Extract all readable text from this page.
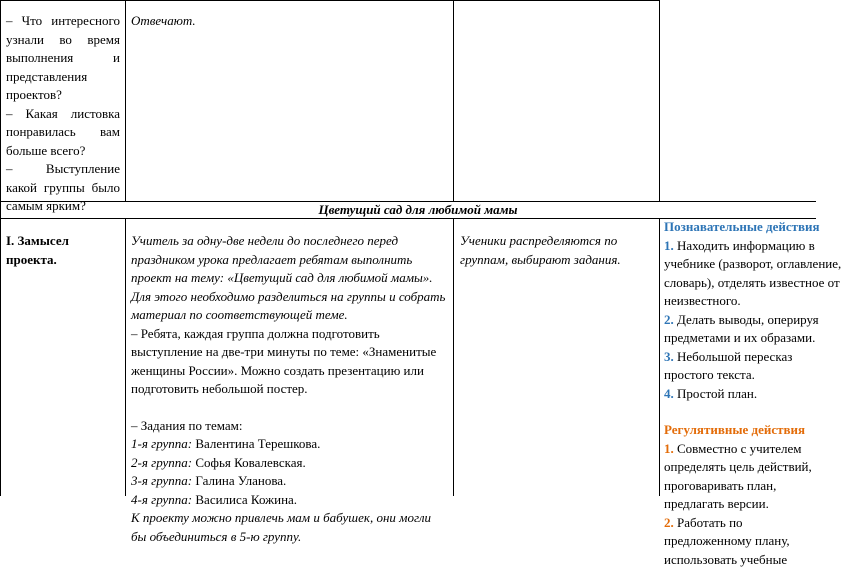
– Что интересного узнали во время выполнения и представления проектов?
– Какая листовка понравилась вам больше всего?
– Выступление какой группы было самым ярким?
Отвечают.
Цветущий сад для любимой мамы
I. Замысел проекта.
Учитель за одну-две недели до последнего перед праздником урока предлагает ребятам выполнить проект на тему: «Цветущий сад для любимой мамы». Для этого необходимо разделиться на группы и собрать материал по соответствующей теме.
– Ребята, каждая группа должна подготовить выступление на две-три минуты по теме: «Знаменитые женщины России». Можно создать презентацию или подготовить небольшой постер.
– Задания по темам:
1-я группа: Валентина Терешкова.
2-я группа: Софья Ковалевская.
3-я группа: Галина Уланова.
4-я группа: Василиса Кожина.
К проекту можно привлечь мам и бабушек, они могли бы объединиться в 5-ю группу.
Ученики распределяются по группам, выбирают задания.
Познавательные действия
1. Находить информацию в учебнике (разворот, оглавление, словарь), отделять известное от неизвестного.
2. Делать выводы, оперируя предметами и их образами.
3. Небольшой пересказ простого текста.
4. Простой план.
Регулятивные действия
1. Совместно с учителем определять цель действий, проговаривать план, предлагать версии.
2. Работать по предложенному плану, использовать учебные
